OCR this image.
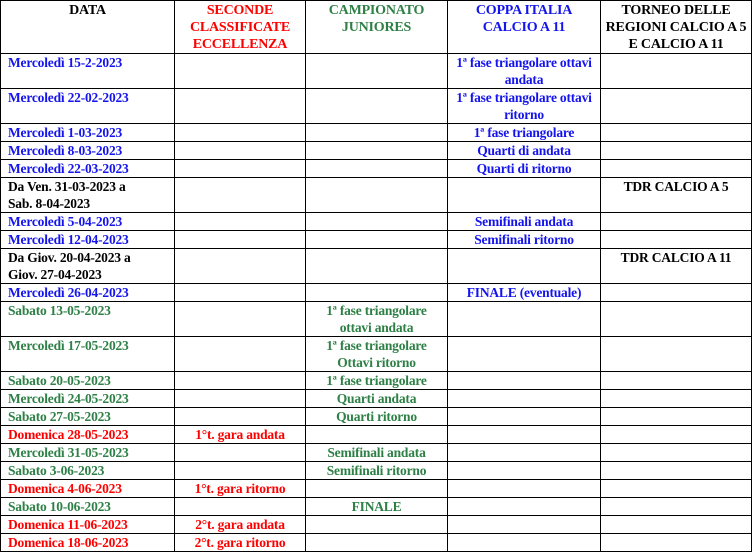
DATA	SECONDE CLASSIFICATE ECCELLENZA	CAMPIONATO JUNIORES	COPPA ITALIA CALCIO A 11	TORNEO DELLE REGIONI CALCIO A 5 E CALCIO A 11
Mercoledì 15-2-2023			1ª fase triangolare ottavi andata	
Mercoledì 22-02-2023			1ª fase triangolare ottavi ritorno	
Mercoledì 1-03-2023			1ª fase triangolare	
Mercoledì 8-03-2023			Quarti di andata	
Mercoledì 22-03-2023			Quarti di ritorno	
Da Ven. 31-03-2023 a
Sab. 8-04-2023				TDR CALCIO A 5
Mercoledì 5-04-2023			Semifinali andata	
Mercoledì 12-04-2023			Semifinali ritorno	
Da Giov. 20-04-2023 a
Giov. 27-04-2023				TDR CALCIO A 11
Mercoledì 26-04-2023			FINALE (eventuale)	
Sabato 13-05-2023		1ª fase triangolare ottavi andata		
Mercoledì 17-05-2023		1ª fase triangolare Ottavi ritorno		
Sabato 20-05-2023		1ª fase triangolare		
Mercoledì 24-05-2023		Quarti andata		
Sabato 27-05-2023		Quarti ritorno		
Domenica 28-05-2023	1°t. gara andata			
Mercoledì 31-05-2023		Semifinali andata		
Sabato 3-06-2023		Semifinali ritorno		
Domenica 4-06-2023	1°t. gara ritorno			
Sabato 10-06-2023		FINALE		
Domenica 11-06-2023	2°t. gara andata			
Domenica 18-06-2023	2°t. gara ritorno			
